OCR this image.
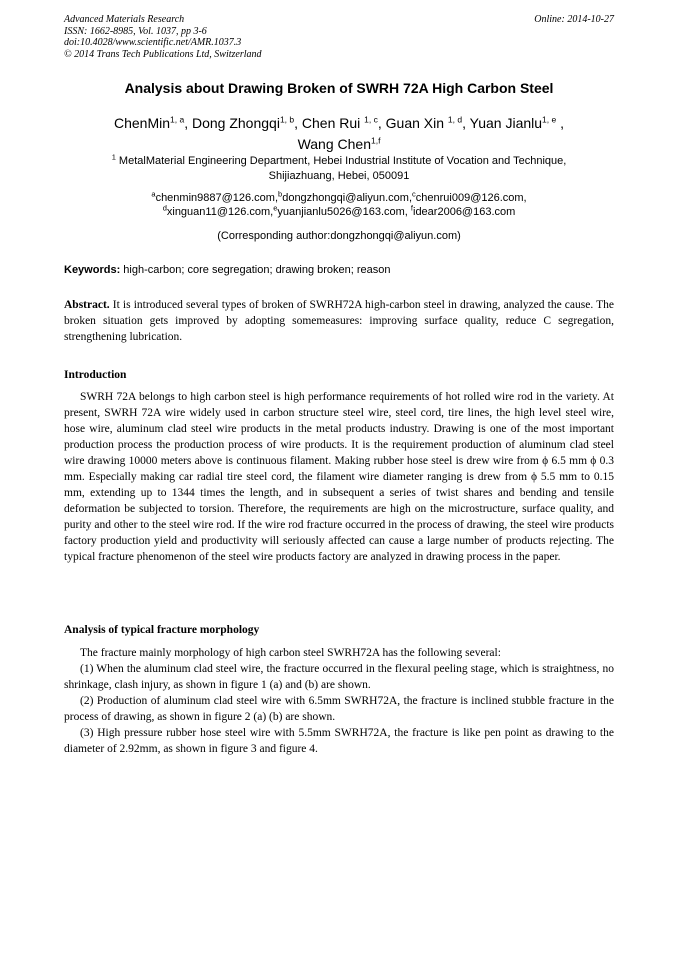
Advanced Materials Research
ISSN: 1662-8985, Vol. 1037, pp 3-6
doi:10.4028/www.scientific.net/AMR.1037.3
© 2014 Trans Tech Publications Ltd, Switzerland
Online: 2014-10-27
Analysis about Drawing Broken of SWRH 72A High Carbon Steel
ChenMin$^{1, a}$, Dong Zhongqi$^{1, b}$, Chen Rui $^{1, c}$, Guan Xin $^{1, d}$, Yuan Jianlu$^{1, e}$ ,
Wang Chen$^{1,f}$
$^1$ MetalMaterial Engineering Department, Hebei Industrial Institute of Vocation and Technique,
Shijiazhuang, Hebei, 050091
$^a$chenmin9887@126.com,$^b$dongzhongqi@aliyun.com,$^c$chenrui009@126.com,
$^d$xinguan11@126.com,$^e$yuanjianlu5026@163.com, $^f$idear2006@163.com
(Corresponding author:dongzhongqi@aliyun.com)
Keywords: high-carbon; core segregation; drawing broken; reason
Abstract. It is introduced several types of broken of SWRH72A high-carbon steel in drawing, analyzed the cause. The broken situation gets improved by adopting somemeasures: improving surface quality, reduce C segregation, strengthening lubrication.
Introduction

SWRH 72A belongs to high carbon steel is high performance requirements of hot rolled wire rod in the variety. At present, SWRH 72A wire widely used in carbon structure steel wire, steel cord, tire lines, the high level steel wire, hose wire, aluminum clad steel wire products in the metal products industry. Drawing is one of the most important production process the production process of wire products. It is the requirement production of aluminum clad steel wire drawing 10000 meters above is continuous filament. Making rubber hose steel is drew wire from ϕ 6.5 mm ϕ 0.3 mm. Especially making car radial tire steel cord, the filament wire diameter ranging is drew from ϕ 5.5 mm to 0.15 mm, extending up to 1344 times the length, and in subsequent a series of twist shares and bending and tensile deformation be subjected to torsion. Therefore, the requirements are high on the microstructure, surface quality, and purity and other to the steel wire rod. If the wire rod fracture occurred in the process of drawing, the steel wire products factory production yield and productivity will seriously affected can cause a large number of products rejecting. The typical fracture phenomenon of the steel wire products factory are analyzed in drawing process in the paper.

Analysis of typical fracture morphology

The fracture mainly morphology of high carbon steel SWRH72A has the following several:

(1) When the aluminum clad steel wire, the fracture occurred in the flexural peeling stage, which is straightness, no shrinkage, clash injury, as shown in figure 1 (a) and (b) are shown.

(2) Production of aluminum clad steel wire with 6.5mm SWRH72A, the fracture is inclined stubble fracture in the process of drawing, as shown in figure 2 (a) (b) are shown.

(3) High pressure rubber hose steel wire with 5.5mm SWRH72A, the fracture is like pen point as drawing to the diameter of 2.92mm, as shown in figure 3 and figure 4.
